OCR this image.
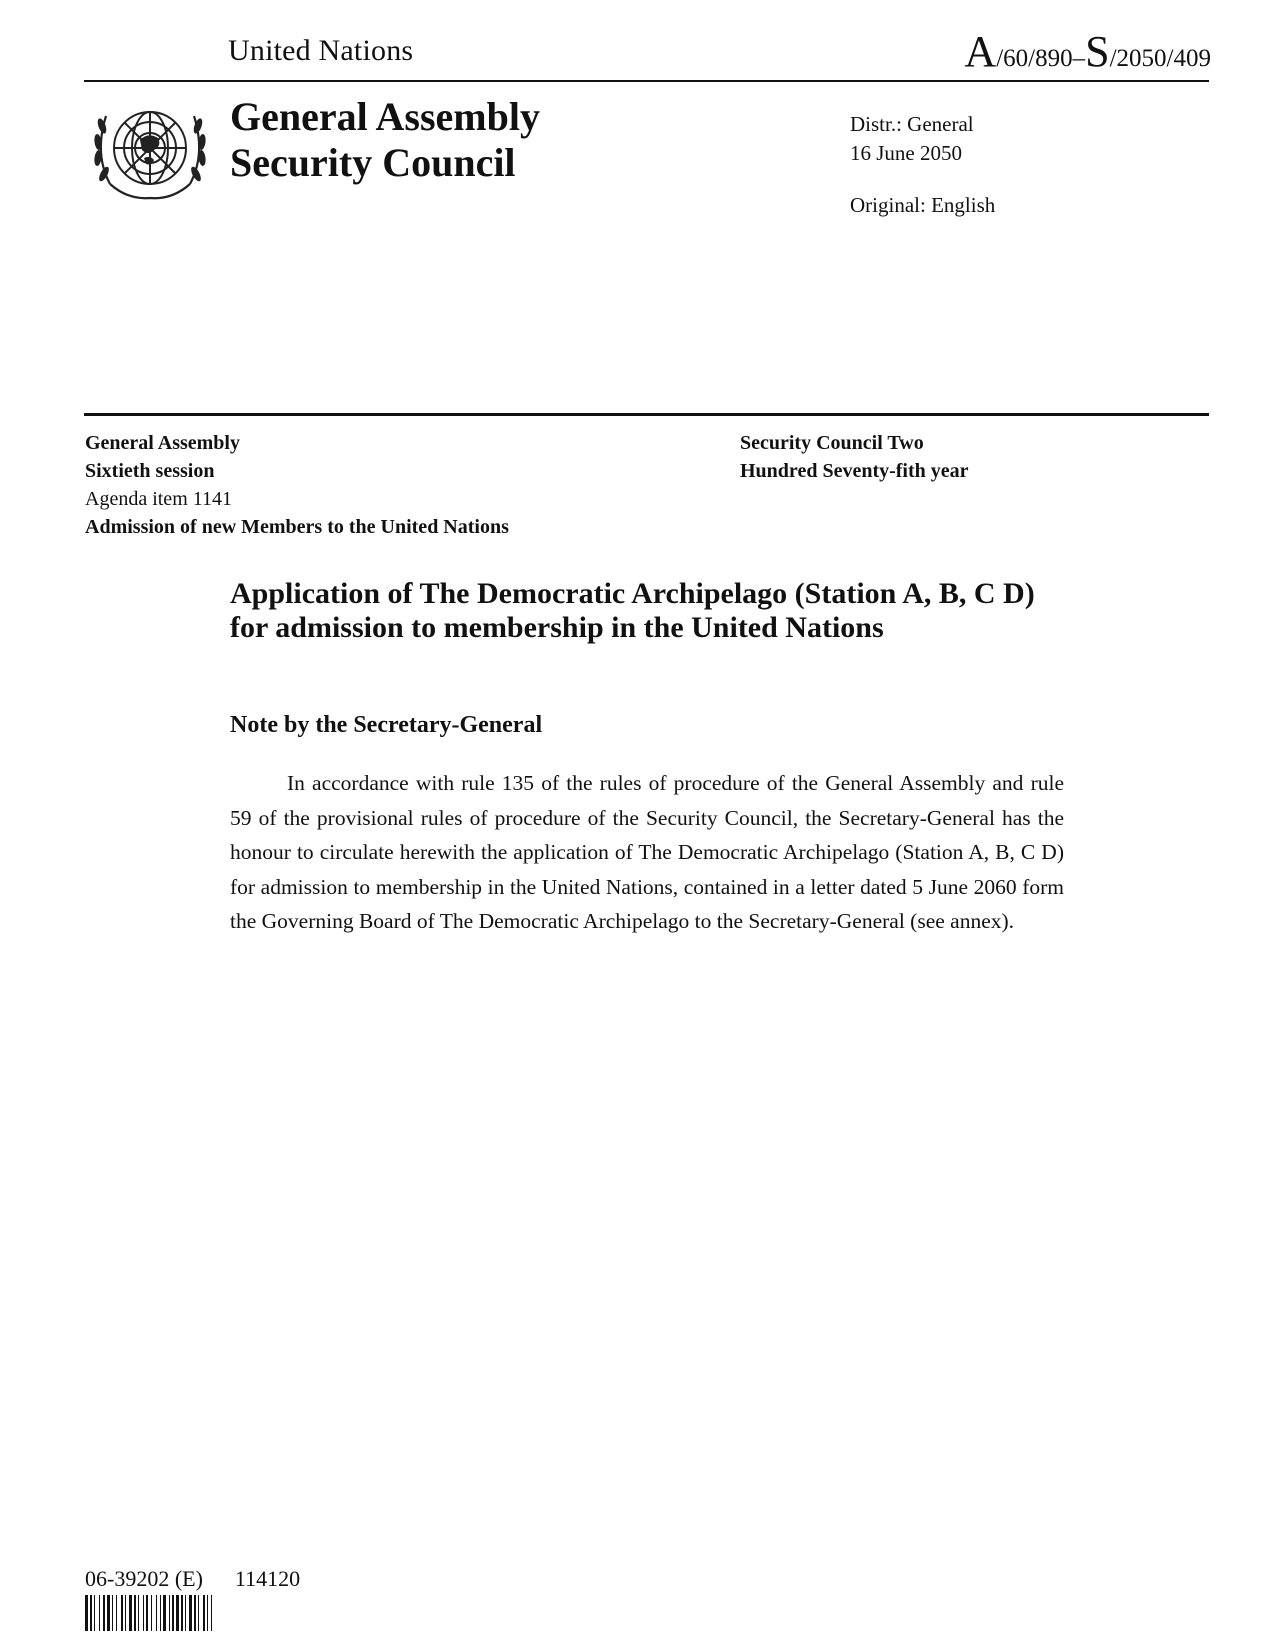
United Nations	A/60/890–S/2050/409
General Assembly
Security Council
Distr.: General
16 June 2050
Original: English
General Assembly
Sixtieth session
Agenda item 1141
Admission of new Members to the United Nations
Security Council Two
Hundred Seventy-fith year
Application of The Democratic Archipelago (Station A, B, C D) for admission to membership in the United Nations
Note by the Secretary-General
In accordance with rule 135 of the rules of procedure of the General Assembly and rule 59 of the provisional rules of procedure of the Security Council, the Secretary-General has the honour to circulate herewith the application of The Democratic Archipelago (Station A, B, C D) for admission to membership in the United Nations, contained in a letter dated 5 June 2060 form the Governing Board of The Democratic Archipelago to the Secretary-General (see annex).
06-39202 (E) 114120
